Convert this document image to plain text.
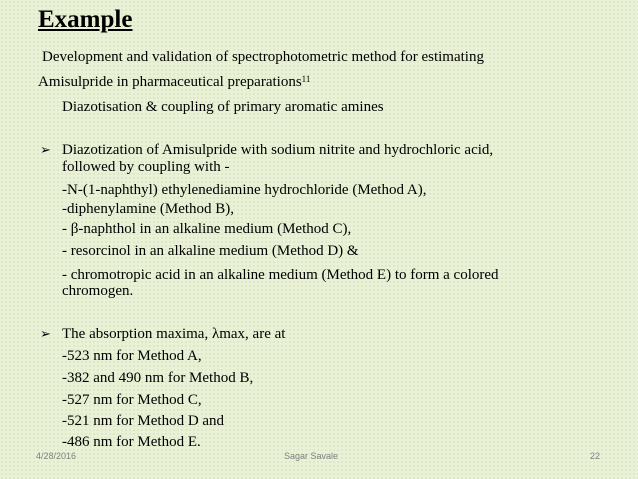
Example
Development and validation of spectrophotometric method for estimating
Amisulpride in pharmaceutical preparations$^{11}$
Diazotisation & coupling of primary aromatic amines
➢ Diazotization of Amisulpride with sodium nitrite and hydrochloric acid,
followed by coupling with -
-N-(1-naphthyl) ethylenediamine hydrochloride (Method A),
-diphenylamine (Method B),
- β-naphthol in an alkaline medium (Method C),
- resorcinol in an alkaline medium (Method D) &
- chromotropic acid in an alkaline medium (Method E) to form a colored
chromogen.
➢ The absorption maxima, λmax, are at
-523 nm for Method A,
-382 and 490 nm for Method B,
-527 nm for Method C,
-521 nm for Method D and
-486 nm for Method E.
4/28/2016	Sagar Savale	22
